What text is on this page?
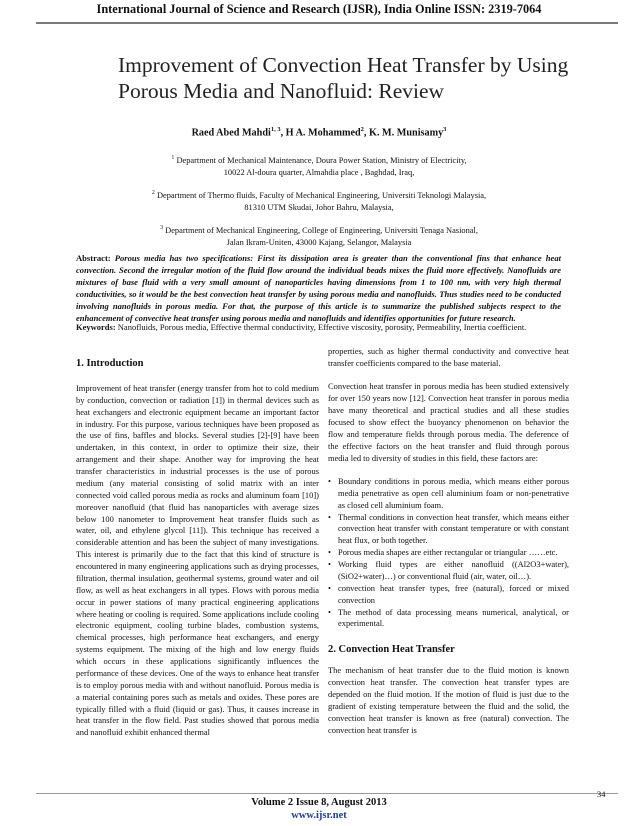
International Journal of Science and Research (IJSR), India Online ISSN: 2319-7064
Improvement of Convection Heat Transfer by Using Porous Media and Nanofluid: Review
Raed Abed Mahdi$^{1, 3}$, H A. Mohammed$^2$, K. M. Munisamy$^3$
$^1$ Department of Mechanical Maintenance, Doura Power Station, Ministry of Electricity,
10022 Al-doura quarter, Almahdia place , Baghdad, Iraq,
$^2$ Department of Thermo fluids, Faculty of Mechanical Engineering, Universiti Teknologi Malaysia,
81310 UTM Skudai, Johor Bahru, Malaysia,
$^3$ Department of Mechanical Engineering, College of Engineering, Universiti Tenaga Nasional,
Jalan Ikram-Uniten, 43000 Kajang, Selangor, Malaysia
Abstract: Porous media has two specifications: First its dissipation area is greater than the conventional fins that enhance heat convection. Second the irregular motion of the fluid flow around the individual beads mixes the fluid more effectively. Nanofluids are mixtures of base fluid with a very small amount of nanoparticles having dimensions from 1 to 100 nm, with very high thermal conductivities, so it would be the best convection heat transfer by using porous media and nanofluids. Thus studies need to be conducted involving nanofluids in porous media. For that, the purpose of this article is to summarize the published subjects respect to the enhancement of convective heat transfer using porous media and nanofluids and identifies opportunities for future research.
Keywords: Nanofluids, Porous media, Effective thermal conductivity, Effective viscosity, porosity, Permeability, Inertia coefficient.
1. Introduction

Improvement of heat transfer (energy transfer from hot to cold medium by conduction, convection or radiation [1]) in thermal devices such as heat exchangers and electronic equipment became an important factor in industry. For this purpose, various techniques have been proposed as the use of fins, baffles and blocks. Several studies [2]-[9] have been undertaken, in this context, in order to optimize their size, their arrangement and their shape. Another way for improving the heat transfer characteristics in industrial processes is the use of porous medium (any material consisting of solid matrix with an inter connected void called porous media as rocks and aluminum foam [10]) moreover nanofluid (that fluid has nanoparticles with average sizes below 100 nanometer to Improvement heat transfer fluids such as water, oil, and ethylene glycol [11]). This technique has received a considerable attention and has been the subject of many investigations. This interest is primarily due to the fact that this kind of structure is encountered in many engineering applications such as drying processes, filtration, thermal insulation, geothermal systems, ground water and oil flow, as well as heat exchangers in all types. Flows with porous media occur in power stations of many practical engineering applications where heating or cooling is required. Some applications include cooling electronic equipment, cooling turbine blades, combustion systems, chemical processes, high performance heat exchangers, and energy systems equipment. The mixing of the high and low energy fluids which occurs in these applications significantly influences the performance of these devices. One of the ways to enhance heat transfer is to employ porous media with and without nanofluid. Porous media is a material containing pores such as metals and oxides. These pores are typically filled with a fluid (liquid or gas). Thus, it causes increase in heat transfer in the flow field. Past studies showed that porous media and nanofluid exhibit enhanced thermal

properties, such as higher thermal conductivity and convective heat transfer coefficients compared to the base material.

Convection heat transfer in porous media has been studied extensively for over 150 years now [12]. Convection heat transfer in porous media have many theoretical and practical studies and all these studies focused to show effect the buoyancy phenomenon on behavior the flow and temperature fields through porous media. The deference of the effective factors on the heat transfer and fluid through porous media led to diversity of studies in this field, these factors are:

• Boundary conditions in porous media, which means either porous media penetrative as open cell aluminium foam or non-penetrative as closed cell aluminium foam.
• Thermal conditions in convection heat transfer, which means either convection heat transfer with constant temperature or with constant heat flux, or both together.
• Porous media shapes are either rectangular or triangular ……etc.
• Working fluid types are either nanofluid ((Al2O3+water), (SiO2+water)…) or conventional fluid (air, water, oil…).
• convection heat transfer types, free (natural), forced or mixed convection
• The method of data processing means numerical, analytical, or experimental.
2. Convection Heat Transfer

The mechanism of heat transfer due to the fluid motion is known convection heat transfer. The convection heat transfer types are depended on the fluid motion. If the motion of fluid is just due to the gradient of existing temperature between the fluid and the solid, the convection heat transfer is known as free (natural) convection. The convection heat transfer is

Volume 2 Issue 8, August 2013
www.ijsr.net
34
